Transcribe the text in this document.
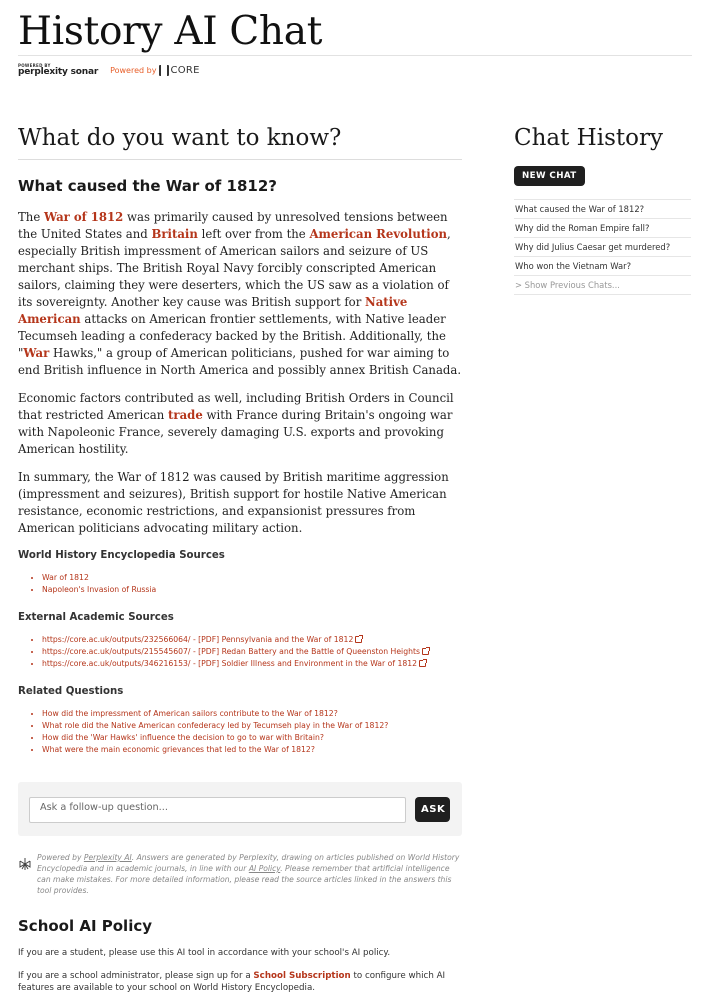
History AI Chat
POWERED BY
perplexity sonar Powered by CORE
What do you want to know?
What caused the War of 1812?

The War of 1812 was primarily caused by unresolved tensions between the United States and Britain left over from the American Revolution, especially British impressment of American sailors and seizure of US merchant ships. The British Royal Navy forcibly conscripted American sailors, claiming they were deserters, which the US saw as a violation of its sovereignty. Another key cause was British support for Native American attacks on American frontier settlements, with Native leader Tecumseh leading a confederacy backed by the British. Additionally, the "War Hawks," a group of American politicians, pushed for war aiming to end British influence in North America and possibly annex British Canada.

Economic factors contributed as well, including British Orders in Council that restricted American trade with France during Britain's ongoing war with Napoleonic France, severely damaging U.S. exports and provoking American hostility.

In summary, the War of 1812 was caused by British maritime aggression (impressment and seizures), British support for hostile Native American resistance, economic restrictions, and expansionist pressures from American politicians advocating military action.

World History Encyclopedia Sources
• War of 1812
• Napoleon's Invasion of Russia
External Academic Sources
• https://core.ac.uk/outputs/232566064/ - [PDF] Pennsylvania and the War of 1812
• https://core.ac.uk/outputs/215545607/ - [PDF] Redan Battery and the Battle of Queenston Heights
• https://core.ac.uk/outputs/346216153/ - [PDF] Soldier Illness and Environment in the War of 1812
Related Questions
• How did the impressment of American sailors contribute to the War of 1812?
• What role did the Native American confederacy led by Tecumseh play in the War of 1812?
• How did the 'War Hawks' influence the decision to go to war with Britain?
• What were the main economic grievances that led to the War of 1812?
Ask a follow-up question...
ASK

Powered by Perplexity AI. Answers are generated by Perplexity, drawing on articles published on World History Encyclopedia and in academic journals, in line with our AI Policy. Please remember that artificial intelligence can make mistakes. For more detailed information, please read the source articles linked in the answers this tool provides.

School AI Policy

If you are a student, please use this AI tool in accordance with your school's AI policy.

If you are a school administrator, please sign up for a School Subscription to configure which AI features are available to your school on World History Encyclopedia.

Chat History
NEW CHAT
What caused the War of 1812?
Why did the Roman Empire fall?
Why did Julius Caesar get murdered?
Who won the Vietnam War?
> Show Previous Chats...
